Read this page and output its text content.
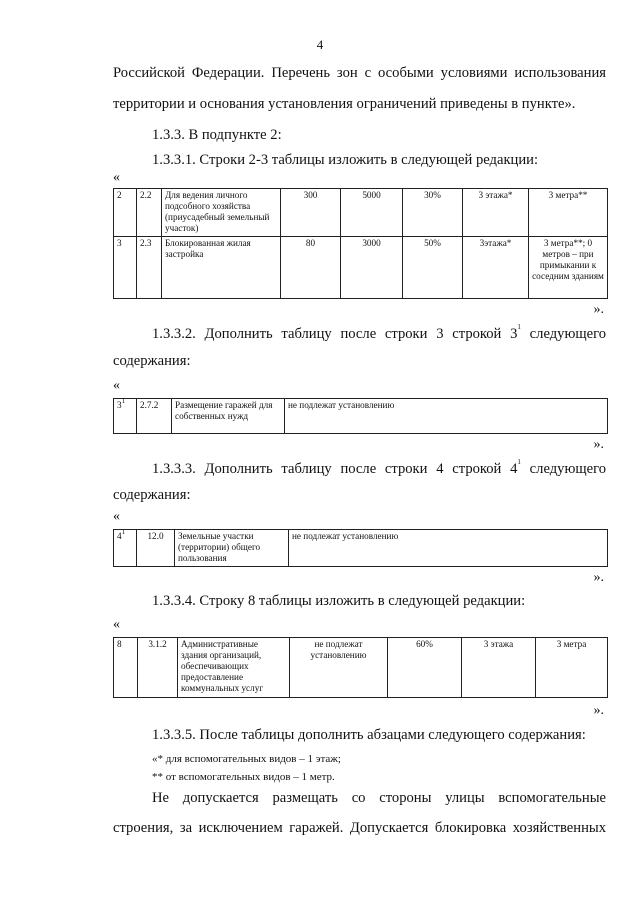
4
Российской Федерации. Перечень зон с особыми условиями использования
территории и основания установления ограничений приведены в пункте».
1.3.3. В подпункте 2:
1.3.3.1. Строки 2-3 таблицы изложить в следующей редакции:
«
2	2.2	Для ведения личного подсобного хозяйства (приусадебный земельный участок)	300	5000	30%	3 этажа*	3 метра**
3	2.3	Блокированная жилая застройка	80	3000	50%	3этажа*	3 метра**; 0 метров – при примыкании к соседним зданиям
».
1.3.3.2. Дополнить таблицу после строки 3 строкой $3^1$ следующего
содержания:
«
$3^1$	2.7.2	Размещение гаражей для собственных нужд	не подлежат установлению
».
1.3.3.3. Дополнить таблицу после строки 4 строкой $4^1$ следующего
содержания:
«
$4^1$	12.0	Земельные участки (территории) общего пользования	не подлежат установлению
».
1.3.3.4. Строку 8 таблицы изложить в следующей редакции:
«
8	3.1.2	Административные здания организаций, обеспечивающих предоставление коммунальных услуг	не подлежат установлению	60%	3 этажа	3 метра
».
1.3.3.5. После таблицы дополнить абзацами следующего содержания:
«* для вспомогательных видов – 1 этаж;
** от вспомогательных видов – 1 метр.
Не допускается размещать со стороны улицы вспомогательные
строения, за исключением гаражей. Допускается блокировка хозяйственных
